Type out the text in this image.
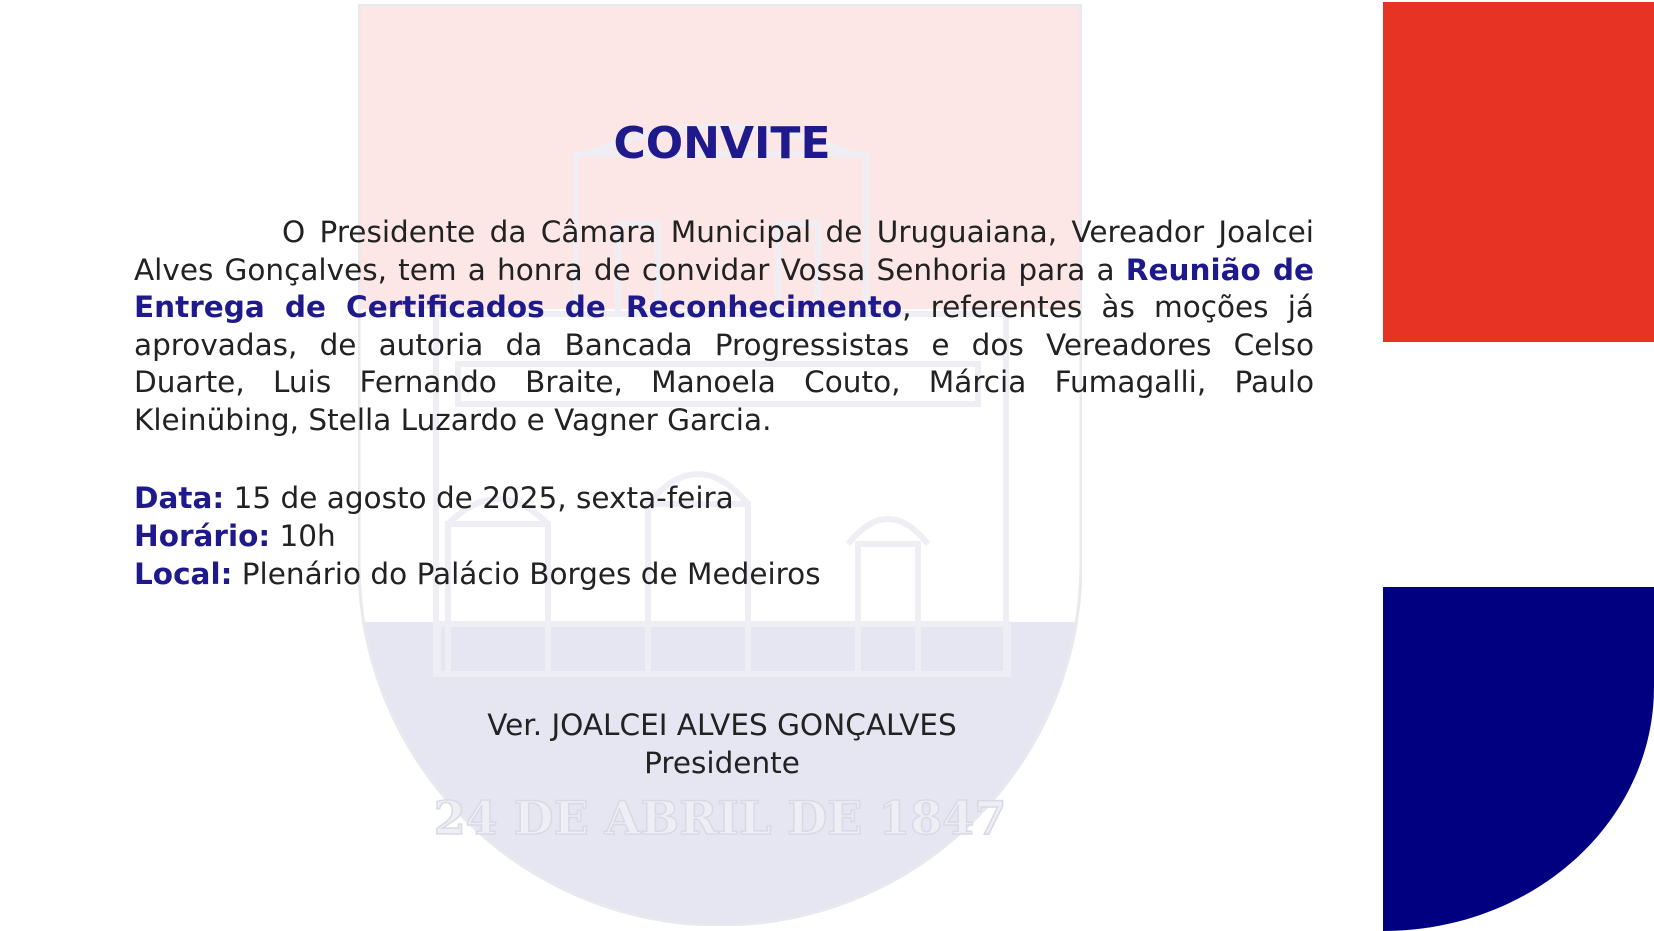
24 DE ABRIL DE 1847
CONVITE
O Presidente da Câmara Municipal de Uruguaiana, Vereador Joalcei Alves Gonçalves, tem a honra de convidar Vossa Senhoria para a Reunião de Entrega de Certificados de Reconhecimento, referentes às moções já aprovadas, de autoria da Bancada Progressistas e dos Vereadores Celso Duarte, Luis Fernando Braite, Manoela Couto, Márcia Fumagalli, Paulo Kleinübing, Stella Luzardo e Vagner Garcia.
Data: 15 de agosto de 2025, sexta-feira
Horário: 10h
Local: Plenário do Palácio Borges de Medeiros
Ver. JOALCEI ALVES GONÇALVES
Presidente
